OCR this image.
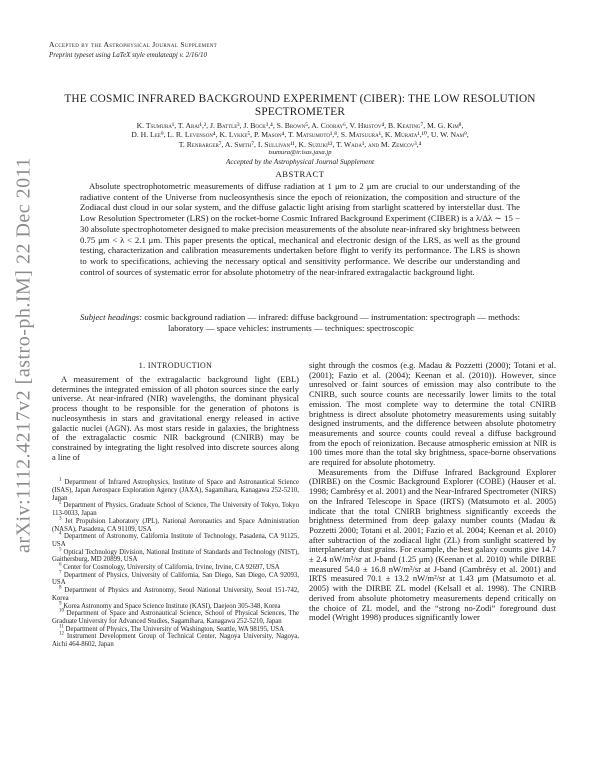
arXiv:1112.4217v2 [astro-ph.IM] 22 Dec 2011
Accepted by the Astrophysical Journal Supplement
Preprint typeset using LaTeX style emulateapj v. 2/16/10
THE COSMIC INFRARED BACKGROUND EXPERIMENT (CIBER): THE LOW RESOLUTION SPECTROMETER
K. Tsumura¹, T. Arai¹,², J. Battle³, J. Bock³,⁴, S. Brown⁵, A. Cooray⁶, V. Hristov⁴, B. Keating⁷, M. G. Kim⁸,
D. H. Lee⁹, L. R. Levenson⁴, K. Lykke⁵, P. Mason⁴, T. Matsumoto¹,⁸, S. Matsuura¹, K. Murata¹,¹⁰, U. W. Nam⁹,
T. Renbarger⁷, A. Smith⁷, I. Sullivan¹¹, K. Suzuki¹², T. Wada¹, and M. Zemcov³,⁴
tsumura@ir.isas.jaxa.jp
Accepted by the Astrophysical Journal Supplement
ABSTRACT
Absolute spectrophotometric measurements of diffuse radiation at 1 μm to 2 μm are crucial to our understanding of the radiative content of the Universe from nucleosynthesis since the epoch of reionization, the composition and structure of the Zodiacal dust cloud in our solar system, and the diffuse galactic light arising from starlight scattered by interstellar dust. The Low Resolution Spectrometer (LRS) on the rocket-borne Cosmic Infrared Background Experiment (CIBER) is a λ/Δλ ∼ 15 − 30 absolute spectrophotometer designed to make precision measurements of the absolute near-infrared sky brightness between 0.75 μm < λ < 2.1 μm. This paper presents the optical, mechanical and electronic design of the LRS, as well as the ground testing, characterization and calibration measurements undertaken before flight to verify its performance. The LRS is shown to work to specifications, achieving the necessary optical and sensitivity performance. We describe our understanding and control of sources of systematic error for absolute photometry of the near-infrared extragalactic background light.
Subject headings: cosmic background radiation — infrared: diffuse background — instrumentation: spectrograph — methods: laboratory — space vehicles: instruments — techniques: spectroscopic
1. INTRODUCTION
A measurement of the extragalactic background light (EBL) determines the integrated emission of all photon sources since the early universe. At near-infrared (NIR) wavelengths, the dominant physical process thought to be responsible for the generation of photons is nucleosynthesis in stars and gravitational energy released in active galactic nuclei (AGN). As most stars reside in galaxies, the brightness of the extragalactic cosmic NIR background (CNIRB) may be constrained by integrating the light resolved into discrete sources along a line of
$^1$ Department of Infrared Astrophysics, Institute of Space and Astronautical Science (ISAS), Japan Aerospace Exploration Agency (JAXA), Sagamihara, Kanagawa 252-5210, Japan
$^2$ Department of Physics, Graduate School of Science, The University of Tokyo, Tokyo 113-0033, Japan
$^3$ Jet Propulsion Laboratory (JPL), National Aeronautics and Space Administration (NASA), Pasadena, CA 91109, USA
$^4$ Department of Astronomy, California Institute of Technology, Pasadena, CA 91125, USA
$^5$ Optical Technology Division, National Institute of Standards and Technology (NIST), Gaithersburg, MD 20899, USA
$^6$ Center for Cosmology, University of California, Irvine, Irvine, CA 92697, USA
$^7$ Department of Physics, University of California, San Diego, San Diego, CA 92093, USA
$^8$ Department of Physics and Astronomy, Seoul National University, Seoul 151-742, Korea
$^9$ Korea Astronomy and Space Science Institute (KASI), Daejeon 305-348, Korea
$^{10}$ Department of Space and Astronautical Science, School of Physical Sciences, The Graduate University for Advanced Studies, Sagamihara, Kanagawa 252-5210, Japan
$^{11}$ Department of Physics, The University of Washington, Seattle, WA 98195, USA
$^{12}$ Instrument Development Group of Technical Center, Nagoya University, Nagoya, Aichi 464-8602, Japan
sight through the cosmos (e.g. Madau & Pozzetti (2000); Totani et al. (2001); Fazio et al. (2004); Keenan et al. (2010)). However, since unresolved or faint sources of emission may also contribute to the CNIRB, such source counts are necessarily lower limits to the total emission. The most complete way to determine the total CNIRB brightness is direct absolute photometry measurements using suitably designed instruments, and the difference between absolute photometry measurements and source counts could reveal a diffuse background from the epoch of reionization. Because atmospheric emission at NIR is 100 times more than the total sky brightness, space-borne observations are required for absolute photometry.
Measurements from the Diffuse Infrared Background Explorer (DIRBE) on the Cosmic Background Explorer (COBE) (Hauser et al. 1998; Cambrésy et al. 2001) and the Near-Infrared Spectrometer (NIRS) on the Infrared Telescope in Space (IRTS) (Matsumoto et al. 2005) indicate that the total CNIRB brightness significantly exceeds the brightness determined from deep galaxy number counts (Madau & Pozzetti 2000; Totani et al. 2001; Fazio et al. 2004; Keenan et al. 2010) after subtraction of the zodiacal light (ZL) from sunlight scattered by interplanetary dust grains. For example, the best galaxy counts give 14.7 ± 2.4 nW/m²/sr at J-band (1.25 μm) (Keenan et al. 2010) while DIRBE measured 54.0 ± 16.8 nW/m²/sr at J-band (Cambrésy et al. 2001) and IRTS measured 70.1 ± 13.2 nW/m²/sr at 1.43 μm (Matsumoto et al. 2005) with the DIRBE ZL model (Kelsall et al. 1998). The CNIRB derived from absolute photometry measurements depend critically on the choice of ZL model, and the “strong no-Zodi” foreground dust model (Wright 1998) produces significantly lower
